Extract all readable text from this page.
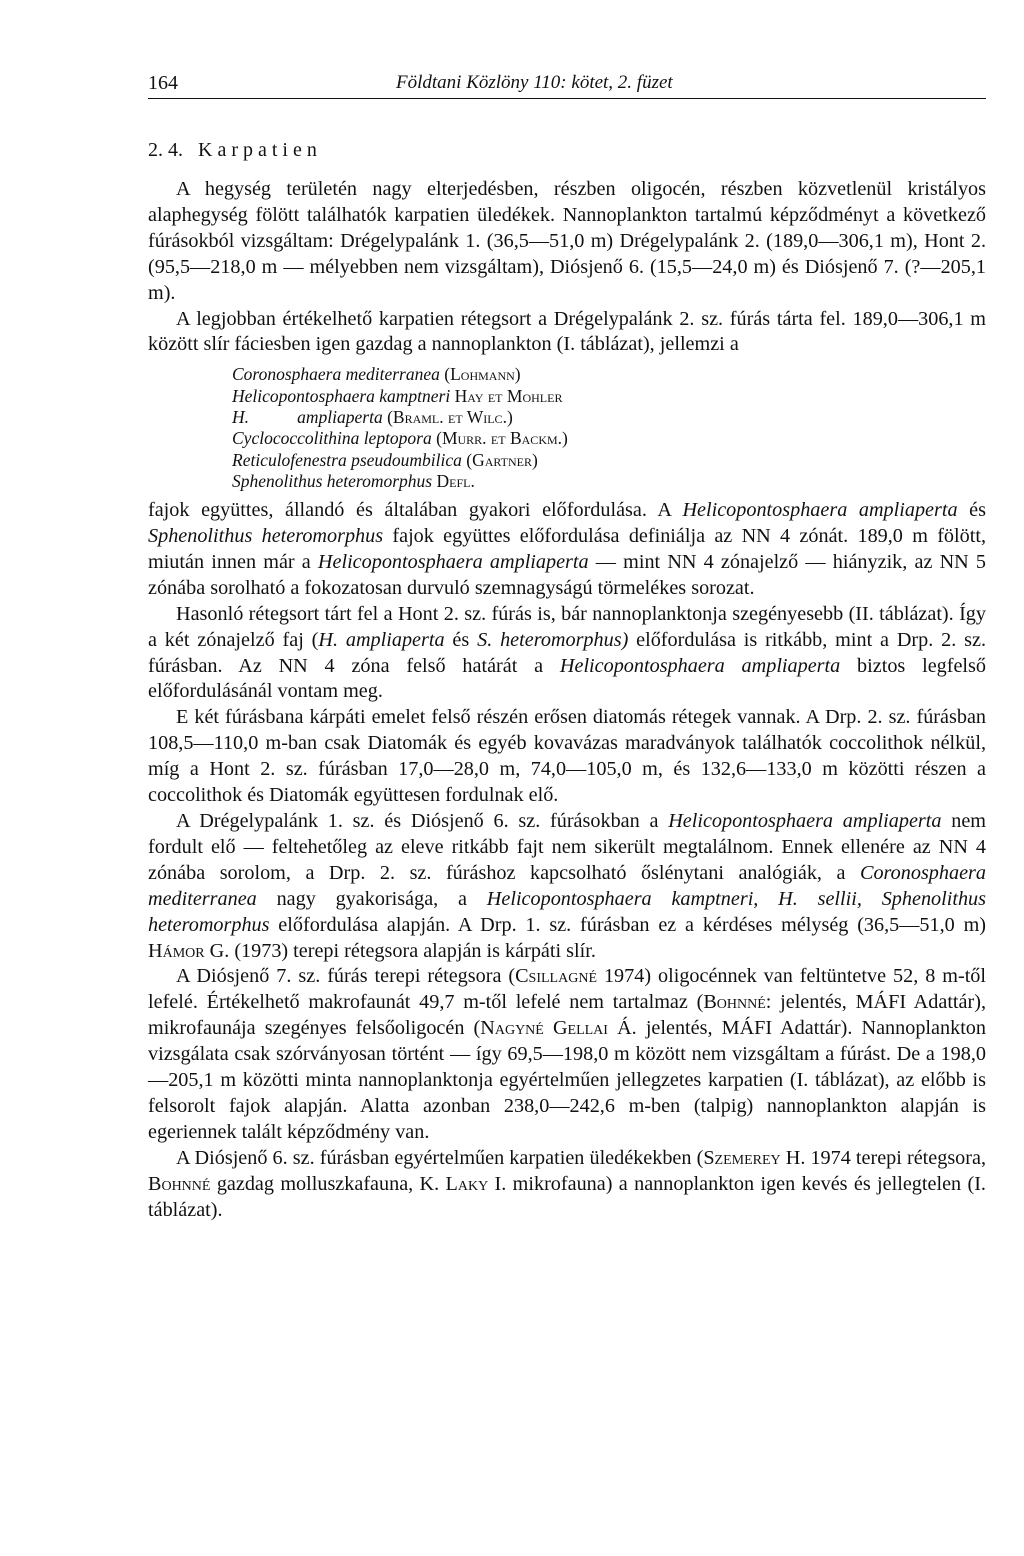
164	Földtani Közlöny 110: kötet, 2. füzet
2. 4. Karpatien

A hegység területén nagy elterjedésben, részben oligocén, részben közvetlenül kristályos alaphegység fölött találhatók karpatien üledékek. Nannoplankton tartalmú képződményt a következő fúrásokból vizsgáltam: Drégelypalánk 1. (36,5—51,0 m) Drégelypalánk 2. (189,0—306,1 m), Hont 2. (95,5—218,0 m — mélyebben nem vizsgáltam), Diósjenő 6. (15,5—24,0 m) és Diósjenő 7. (?—205,1 m).

A legjobban értékelhető karpatien rétegsort a Drégelypalánk 2. sz. fúrás tárta fel. 189,0—306,1 m között slír fáciesben igen gazdag a nannoplankton (I. táblázat), jellemzi a

Coronosphaera mediterranea (Lohmann)
Helicopontosphaera kamptneri Hay et Mohler
H.           ampliaperta (Braml. et Wilc.)
Cyclococcolithina leptopora (Murr. et Backm.)
Reticulofenestra pseudoumbilica (Gartner)
Sphenolithus heteromorphus Defl.

fajok együttes, állandó és általában gyakori előfordulása. A Helicopontosphaera ampliaperta és Sphenolithus heteromorphus fajok együttes előfordulása definiálja az NN 4 zónát. 189,0 m fölött, miután innen már a Helicopontosphaera ampliaperta — mint NN 4 zónajelző — hiányzik, az NN 5 zónába sorolható a fokozatosan durvuló szemnagyságú törmelékes sorozat.

Hasonló rétegsort tárt fel a Hont 2. sz. fúrás is, bár nannoplanktonja szegényesebb (II. táblázat). Így a két zónajelző faj (H. ampliaperta és S. heteromorphus) előfordulása is ritkább, mint a Drp. 2. sz. fúrásban. Az NN 4 zóna felső határát a Helicopontosphaera ampliaperta biztos legfelső előfordulásánál vontam meg.

E két fúrásbana kárpáti emelet felső részén erősen diatomás rétegek vannak. A Drp. 2. sz. fúrásban 108,5—110,0 m-ban csak Diatomák és egyéb kovavázas maradványok találhatók coccolithok nélkül, míg a Hont 2. sz. fúrásban 17,0—28,0 m, 74,0—105,0 m, és 132,6—133,0 m közötti részen a coccolithok és Diatomák együttesen fordulnak elő.

A Drégelypalánk 1. sz. és Diósjenő 6. sz. fúrásokban a Helicopontosphaera ampliaperta nem fordult elő — feltehetőleg az eleve ritkább fajt nem sikerült megtalálnom. Ennek ellenére az NN 4 zónába sorolom, a Drp. 2. sz. fúráshoz kapcsolható őslénytani analógiák, a Coronosphaera mediterranea nagy gyakorisága, a Helicopontosphaera kamptneri, H. sellii, Sphenolithus heteromorphus előfordulása alapján. A Drp. 1. sz. fúrásban ez a kérdéses mélység (36,5—51,0 m) Hámor G. (1973) terepi rétegsora alapján is kárpáti slír.

A Diósjenő 7. sz. fúrás terepi rétegsora (Csillagné 1974) oligocénnek van feltüntetve 52, 8 m-től lefelé. Értékelhető makrofaunát 49,7 m-től lefelé nem tartalmaz (Bohnné: jelentés, MÁFI Adattár), mikrofaunája szegényes felsőoligocén (Nagyné Gellai Á. jelentés, MÁFI Adattár). Nannoplankton vizsgálata csak szórványosan történt — így 69,5—198,0 m között nem vizsgáltam a fúrást. De a 198,0—205,1 m közötti minta nannoplanktonja egyértelműen jellegzetes karpatien (I. táblázat), az előbb is felsorolt fajok alapján. Alatta azonban 238,0—242,6 m-ben (talpig) nannoplankton alapján is egeriennek talált képződmény van.

A Diósjenő 6. sz. fúrásban egyértelműen karpatien üledékekben (Szemerey H. 1974 terepi rétegsora, Bohnné gazdag molluszkafauna, K. Laky I. mikrofauna) a nannoplankton igen kevés és jellegtelen (I. táblázat).
